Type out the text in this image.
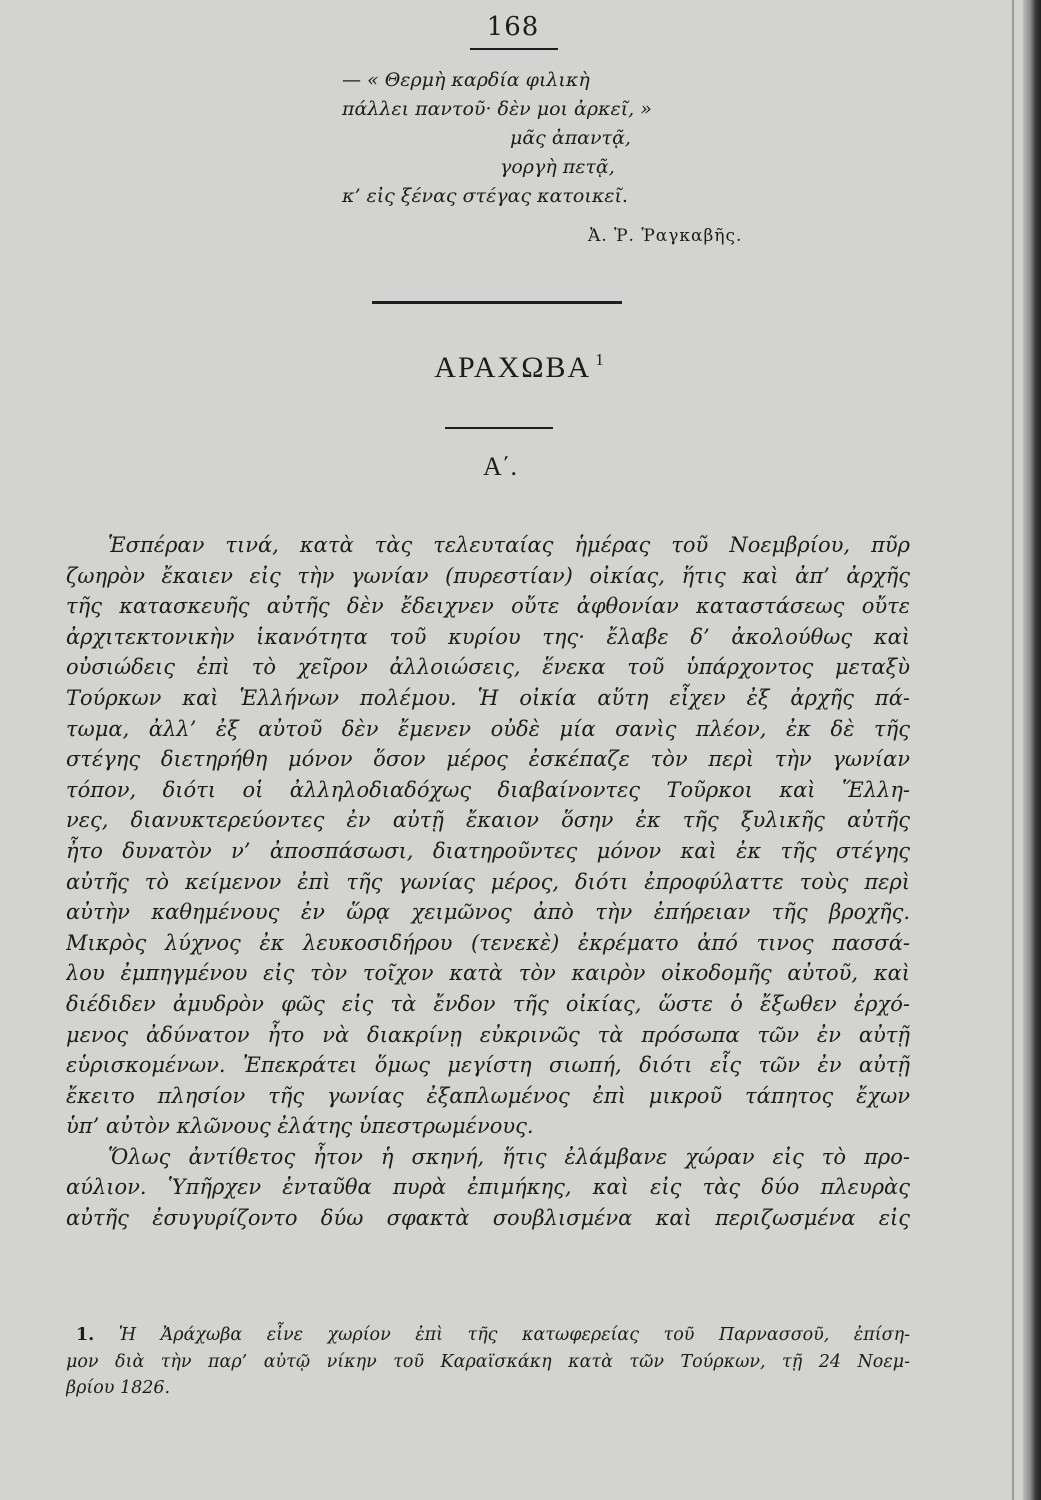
168
— « Θερμὴ καρδία φιλικὴ
πάλλει παντοῦ· δὲν μοι ἀρκεῖ, »
μᾶς ἀπαντᾷ,
γοργὴ πετᾷ,
κ’ εἰς ξένας στέγας κατοικεῖ.
Ἀ. Ῥ. Ῥαγκαβῆς.
ΑΡΑΧΩΒΑ $^1$
Α΄.
Ἑσπέραν τινά, κατὰ τὰς τελευταίας ἡμέρας τοῦ Νοεμβρίου, πῦρ
ζωηρὸν ἔκαιεν εἰς τὴν γωνίαν (πυρεστίαν) οἰκίας, ἥτις καὶ ἀπ’ ἀρχῆς
τῆς κατασκευῆς αὐτῆς δὲν ἔδειχνεν οὔτε ἀφθονίαν καταστάσεως οὔτε
ἀρχιτεκτονικὴν ἱκανότητα τοῦ κυρίου της· ἔλαβε δ’ ἀκολούθως καὶ
οὐσιώδεις ἐπὶ τὸ χεῖρον ἀλλοιώσεις, ἕνεκα τοῦ ὑπάρχοντος μεταξὺ
Τούρκων καὶ Ἑλλήνων πολέμου. Ἡ οἰκία αὕτη εἶχεν ἐξ ἀρχῆς πά-
τωμα, ἀλλ’ ἐξ αὐτοῦ δὲν ἔμενεν οὐδὲ μία σανὶς πλέον, ἐκ δὲ τῆς
στέγης διετηρήθη μόνον ὅσον μέρος ἐσκέπαζε τὸν περὶ τὴν γωνίαν
τόπον, διότι οἱ ἀλληλοδιαδόχως διαβαίνοντες Τοῦρκοι καὶ Ἕλλη-
νες, διανυκτερεύοντες ἐν αὐτῇ ἔκαιον ὅσην ἐκ τῆς ξυλικῆς αὐτῆς
ἦτο δυνατὸν ν’ ἀποσπάσωσι, διατηροῦντες μόνον καὶ ἐκ τῆς στέγης
αὐτῆς τὸ κείμενον ἐπὶ τῆς γωνίας μέρος, διότι ἐπροφύλαττε τοὺς περὶ
αὐτὴν καθημένους ἐν ὥρᾳ χειμῶνος ἀπὸ τὴν ἐπήρειαν τῆς βροχῆς.
Μικρὸς λύχνος ἐκ λευκοσιδήρου (τενεκὲ) ἐκρέματο ἀπό τινος πασσά-
λου ἐμπηγμένου εἰς τὸν τοῖχον κατὰ τὸν καιρὸν οἰκοδομῆς αὐτοῦ, καὶ
διέδιδεν ἀμυδρὸν φῶς εἰς τὰ ἔνδον τῆς οἰκίας, ὥστε ὁ ἔξωθεν ἐρχό-
μενος ἀδύνατον ἦτο νὰ διακρίνῃ εὐκρινῶς τὰ πρόσωπα τῶν ἐν αὐτῇ
εὑρισκομένων. Ἐπεκράτει ὅμως μεγίστη σιωπή, διότι εἷς τῶν ἐν αὐτῇ
ἔκειτο πλησίον τῆς γωνίας ἐξαπλωμένος ἐπὶ μικροῦ τάπητος ἔχων
ὑπ’ αὐτὸν κλῶνους ἐλάτης ὑπεστρωμένους.
Ὅλως ἀντίθετος ἦτον ἡ σκηνή, ἥτις ἐλάμβανε χώραν εἰς τὸ προ-
αύλιον. Ὑπῆρχεν ἐνταῦθα πυρὰ ἐπιμήκης, καὶ εἰς τὰς δύο πλευρὰς
αὐτῆς ἐσυγυρίζοντο δύω σφακτὰ σουβλισμένα καὶ περιζωσμένα εἰς
1. Ἡ Ἀράχωβα εἶνε χωρίον ἐπὶ τῆς κατωφερείας τοῦ Παρνασσοῦ, ἐπίση-
μον διὰ τὴν παρ’ αὐτῷ νίκην τοῦ Καραϊσκάκη κατὰ τῶν Τούρκων, τῇ 24 Νοεμ-
βρίου 1826.
